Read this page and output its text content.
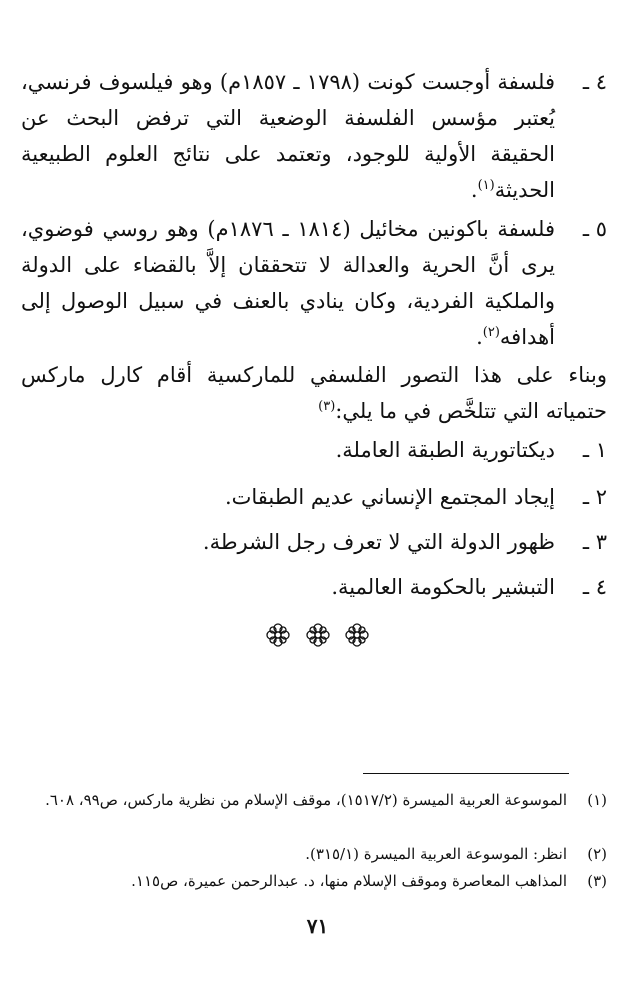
٤ ـ
فلسفة أوجست كونت (١٧٩٨ ـ ١٨٥٧م) وهو فيلسوف فرنسي، يُعتبر مؤسس الفلسفة الوضعية التي ترفض البحث عن الحقيقة الأولية للوجود، وتعتمد على نتائج العلوم الطبيعية الحديثة$^{(١)}$.
٥ ـ
فلسفة باكونين مخائيل (١٨١٤ ـ ١٨٧٦م) وهو روسي فوضوي، يرى أنَّ الحرية والعدالة لا تتحققان إلاَّ بالقضاء على الدولة والملكية الفردية، وكان ينادي بالعنف في سبيل الوصول إلى أهدافه$^{(٢)}$.
وبناء على هذا التصور الفلسفي للماركسية أقام كارل ماركس حتمياته التي تتلخَّص في ما يلي:$^{(٣)}$
١ ـ
ديكتاتورية الطبقة العاملة.
٢ ـ
إيجاد المجتمع الإنساني عديم الطبقات.
٣ ـ
ظهور الدولة التي لا تعرف رجل الشرطة.
٤ ـ
التبشير بالحكومة العالمية.

(١)
الموسوعة العربية الميسرة (١٥١٧/٢)، موقف الإسلام من نظرية ماركس، ص٩٩، ٦٠٨.
(٢)
انظر: الموسوعة العربية الميسرة (٣١٥/١).
(٣)
المذاهب المعاصرة وموقف الإسلام منها، د. عبدالرحمن عميرة، ص١١٥.
٧١
